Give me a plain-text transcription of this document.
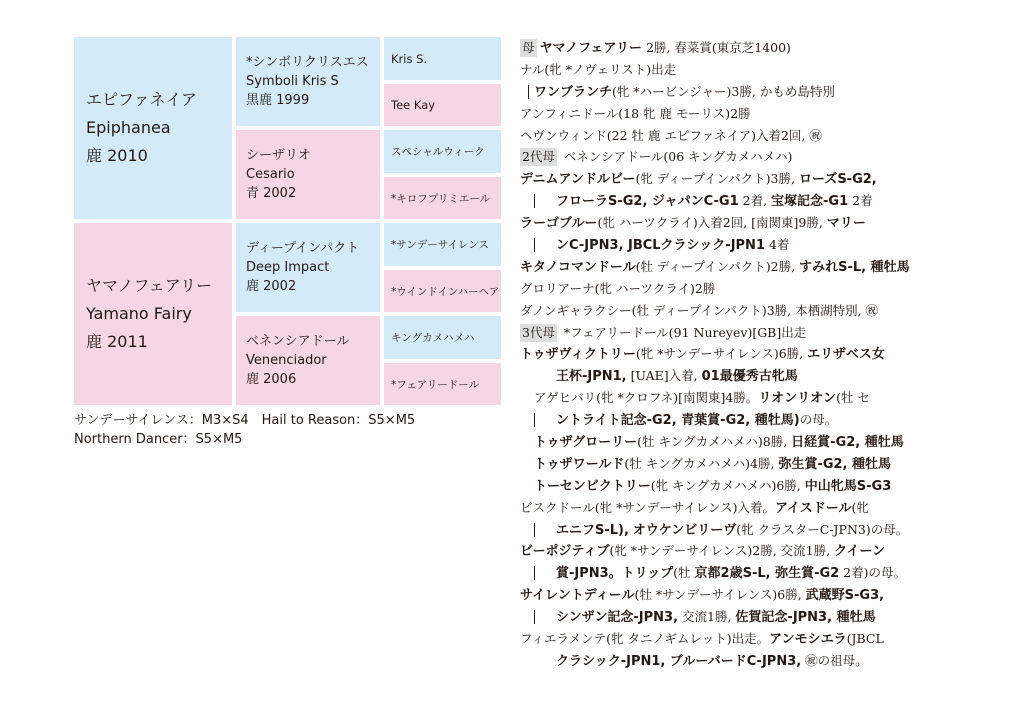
エピファネイア
Epiphanea
鹿 2010
ヤマノフェアリー
Yamano Fairy
鹿 2011
*シンボリクリスエス
Symboli Kris S
黒鹿 1999
シーザリオ
Cesario
青 2002
ディープインパクト
Deep Impact
鹿 2002
ベネンシアドール
Venenciador
鹿 2006
Kris S.
Tee Kay
スペシャルウィーク
*キロフプリミエール
*サンデーサイレンス
*ウインドインハーヘア
キングカメハメハ
*フェアリードール
サンデーサイレンス：M3×S4　Hail to Reason：S5×M5
Northern Dancer：S5×M5
母 ヤマノフェアリー 2勝, 春菜賞(東京芝1400)
ナル(牝 *ノヴェリスト)出走
ワンブランチ(牝 *ハービンジャー)3勝, かもめ島特別
アンフィニドール(18 牝 鹿 モーリス)2勝
ヘヴンウィンド(22 牡 鹿 エピファネイア)入着2回, ㊗
2代母 ベネンシアドール(06 キングカメハメハ)
デニムアンドルビー(牝 ディープインパクト)3勝, ローズS-G2,
フローラS-G2, ジャパンC-G1 2着, 宝塚記念-G1 2着
ラーゴブルー(牝 ハーツクライ)入着2回, [南関東]9勝, マリー
ンC-JPN3, JBCLクラシック-JPN1 4着
キタノコマンドール(牡 ディープインパクト)2勝, すみれS-L, 種牡馬
グロリアーナ(牝 ハーツクライ)2勝
ダノンギャラクシー(牡 ディープインパクト)3勝, 本栖湖特別, ㊗
3代母 *フェアリードール(91 Nureyev)[GB]出走
トゥザヴィクトリー(牝 *サンデーサイレンス)6勝, エリザベス女
王杯-JPN1, [UAE]入着, 01最優秀古牝馬
アゲヒバリ(牝 *クロフネ)[南関東]4勝。リオンリオン(牡 セ
ントライト記念-G2, 青葉賞-G2, 種牡馬)の母。
トゥザグローリー(牡 キングカメハメハ)8勝, 日経賞-G2, 種牡馬
トゥザワールド(牡 キングカメハメハ)4勝, 弥生賞-G2, 種牡馬
トーセンビクトリー(牝 キングカメハメハ)6勝, 中山牝馬S-G3
ビスクドール(牝 *サンデーサイレンス)入着。アイスドール(牝
エニフS-L), オウケンビリーヴ(牝 クラスターC-JPN3)の母。
ビーポジティブ(牝 *サンデーサイレンス)2勝, 交流1勝, クイーン
賞-JPN3。トリップ(牡 京都2歳S-L, 弥生賞-G2 2着)の母。
サイレントディール(牡 *サンデーサイレンス)6勝, 武蔵野S-G3,
シンザン記念-JPN3, 交流1勝, 佐賀記念-JPN3, 種牡馬
フィエラメンテ(牝 タニノギムレット)出走。アンモシエラ(JBCL
クラシック-JPN1, ブルーバードC-JPN3, ㊗の祖母。
